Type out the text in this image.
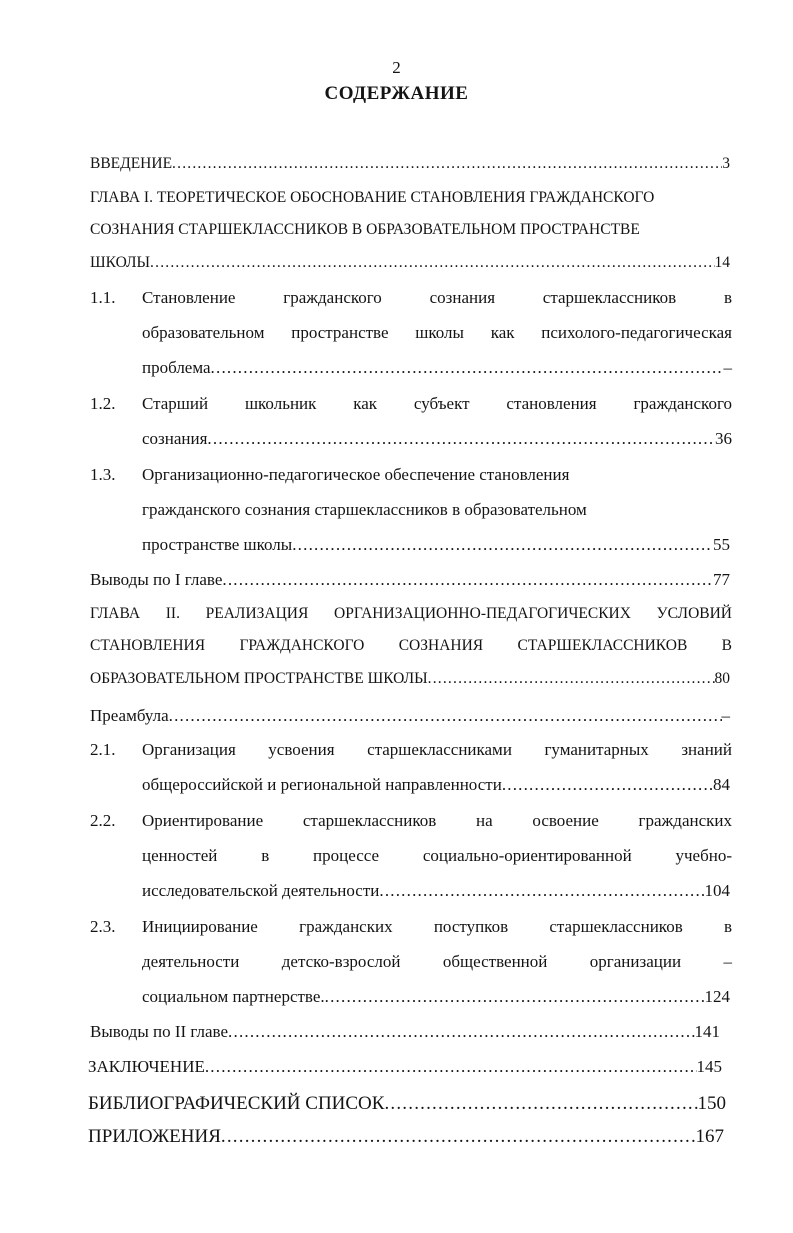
2
СОДЕРЖАНИЕ
ВВЕДЕНИЕ .....	3
ГЛАВА I. ТЕОРЕТИЧЕСКОЕ ОБОСНОВАНИЕ СТАНОВЛЕНИЯ ГРАЖДАНСКОГО
СОЗНАНИЯ СТАРШЕКЛАССНИКОВ В ОБРАЗОВАТЕЛЬНОМ ПРОСТРАНСТВЕ
ШКОЛЫ .....	14
1.1. Становление гражданского сознания старшеклассников в
образовательном пространстве школы как психолого-педагогическая
проблема .....	–
1.2. Старший школьник как субъект становления гражданского
сознания .....	36
1.3. Организационно-педагогическое обеспечение становления
гражданского сознания старшеклассников в образовательном
пространстве школы .....	55
Выводы по I главе .....	77
ГЛАВА II. РЕАЛИЗАЦИЯ ОРГАНИЗАЦИОННО-ПЕДАГОГИЧЕСКИХ УСЛОВИЙ
СТАНОВЛЕНИЯ ГРАЖДАНСКОГО СОЗНАНИЯ СТАРШЕКЛАССНИКОВ В
ОБРАЗОВАТЕЛЬНОМ ПРОСТРАНСТВЕ ШКОЛЫ .....	80
Преамбула .....	–
2.1. Организация усвоения старшеклассниками гуманитарных знаний
общероссийской и региональной направленности .....	84
2.2. Ориентирование старшеклассников на освоение гражданских
ценностей в процессе социально-ориентированной учебно-
исследовательской деятельности .....	104
2.3. Инициирование гражданских поступков старшеклассников в
деятельности детско-взрослой общественной организации –
социальном партнерстве. .....	124
Выводы по II главе .....	141
ЗАКЛЮЧЕНИЕ .....	145
БИБЛИОГРАФИЧЕСКИЙ СПИСОК .....	150
ПРИЛОЖЕНИЯ .....	167
